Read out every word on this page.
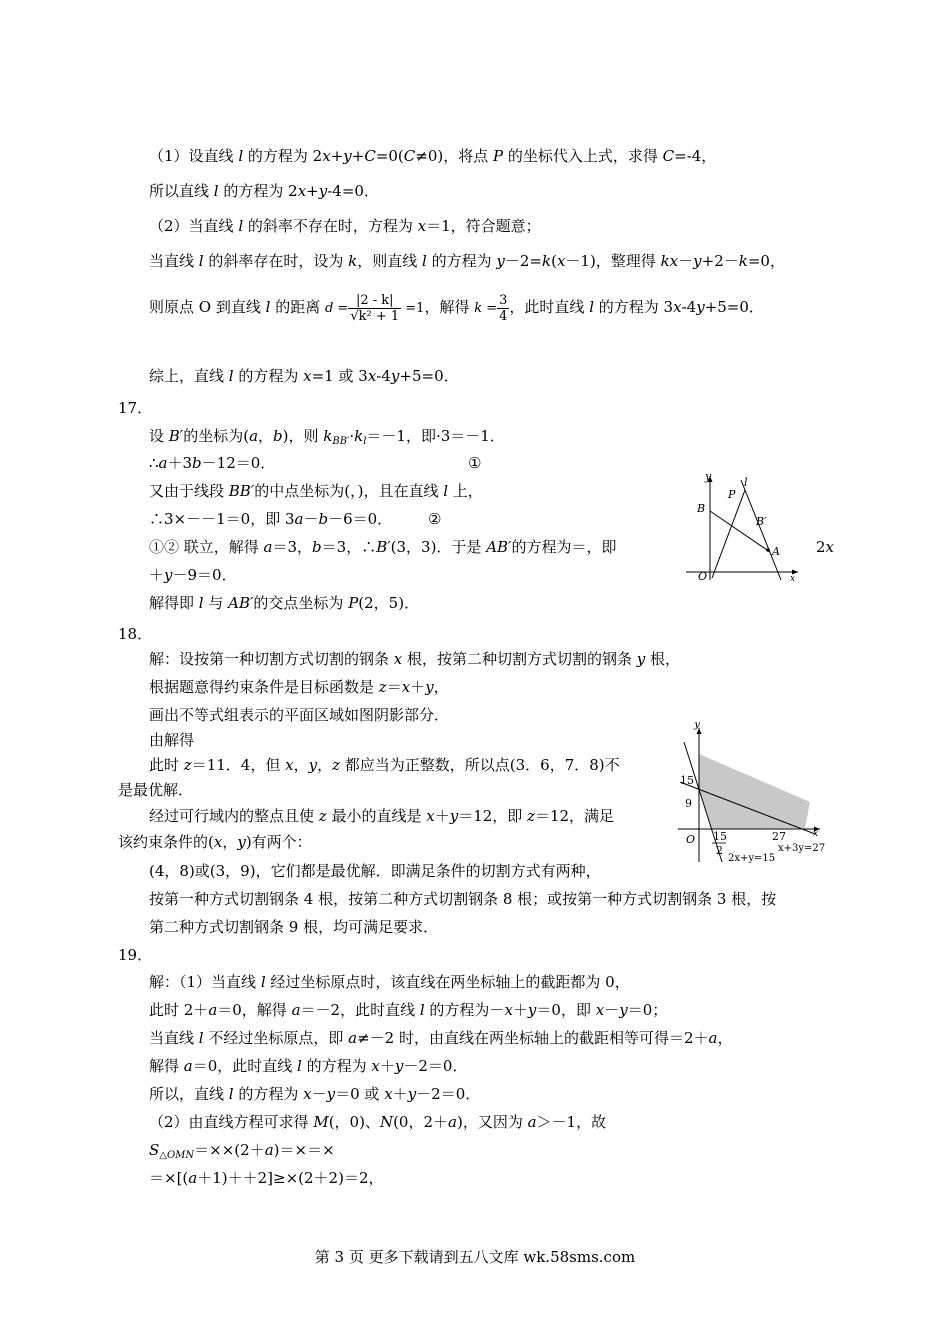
（1）设直线 l 的方程为 2x+y+C=0(C≠0)，将点 P 的坐标代入上式，求得 C=-4，
所以直线 l 的方程为 2x+y-4=0．
（2）当直线 l 的斜率不存在时，方程为 x＝1，符合题意；
当直线 l 的斜率存在时，设为 k，则直线 l 的方程为 y－2=k(x－1)，整理得 kx－y+2－k=0，
则原点 O 到直线 l 的距离 $d = \frac{|2 - k|}{\text{√k² + 1}} =1$，解得 $k = \frac{3}{4}$ ，此时直线 l 的方程为 3x-4y+5=0．
综上，直线 l 的方程为 x=1 或 3x-4y+5=0．
17．
设 B′的坐标为(a，b)，则 $k_{BB'}\cdot k_l=-1$，即·3＝－1．
∴a＋3b－12＝0．	①
又由于线段 BB′的中点坐标为(，)，且在直线 l 上，
∴3×－－1＝0，即 3a－b－6＝0． ②
①② 联立，解得 a＝3，b＝3，∴B′(3，3)．于是 AB′的方程为＝，即	2x
＋y－9＝0．
解得即 l 与 AB′的交点坐标为 P(2，5)．
y	l
P
B
B′
A
O	x
18．
解：设按第一种切割方式切割的钢条 x 根，按第二种切割方式切割的钢条 y 根，
根据题意得约束条件是目标函数是 z＝x＋y，
画出不等式组表示的平面区域如图阴影部分．
由解得
此时 z＝11．4，但 x，y，z 都应当为正整数，所以点(3．6，7．8)不
是最优解．
经过可行域内的整点且使 z 最小的直线是 x＋y＝12，即 z＝12，满足
该约束条件的(x，y)有两个：
(4，8)或(3，9)，它们都是最优解．即满足条件的切割方式有两种，
按第一种方式切割钢条 4 根，按第二种方式切割钢条 8 根；或按第一种方式切割钢条 3 根，按
第二种方式切割钢条 9 根，均可满足要求．
y
15
9
O 15
2
27	x
2x+y=15
x+3y=27
19．
解：（1）当直线 l 经过坐标原点时，该直线在两坐标轴上的截距都为 0，
此时 2＋a＝0，解得 a＝－2，此时直线 l 的方程为－x＋y＝0，即 x－y＝0；
当直线 l 不经过坐标原点，即 a≠－2 时，由直线在两坐标轴上的截距相等可得＝2＋a，
解得 a＝0，此时直线 l 的方程为 x＋y－2＝0．
所以，直线 l 的方程为 x－y＝0 或 x＋y－2＝0．
（2）由直线方程可求得 M(，0)、N(0，2＋a)，又因为 a＞－1，故
$S_{\triangle OMN}=\times\times(2+a)=\times=\times$
＝×[(a＋1)＋＋2]≥×(2＋2)＝2，
第 3 页 更多下载请到五八文库 wk.58sms.com
